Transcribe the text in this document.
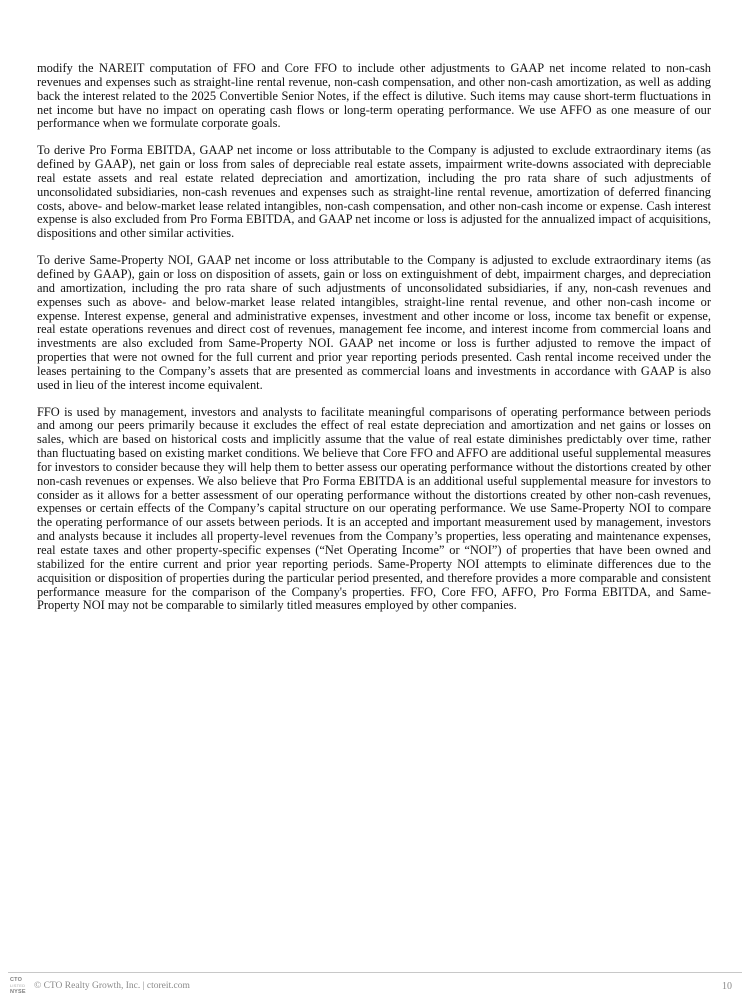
modify the NAREIT computation of FFO and Core FFO to include other adjustments to GAAP net income related to non-cash revenues and expenses such as straight-line rental revenue, non-cash compensation, and other non-cash amortization, as well as adding back the interest related to the 2025 Convertible Senior Notes, if the effect is dilutive. Such items may cause short-term fluctuations in net income but have no impact on operating cash flows or long-term operating performance. We use AFFO as one measure of our performance when we formulate corporate goals.

To derive Pro Forma EBITDA, GAAP net income or loss attributable to the Company is adjusted to exclude extraordinary items (as defined by GAAP), net gain or loss from sales of depreciable real estate assets, impairment write-downs associated with depreciable real estate assets and real estate related depreciation and amortization, including the pro rata share of such adjustments of unconsolidated subsidiaries, non-cash revenues and expenses such as straight-line rental revenue, amortization of deferred financing costs, above- and below-market lease related intangibles, non-cash compensation, and other non-cash income or expense. Cash interest expense is also excluded from Pro Forma EBITDA, and GAAP net income or loss is adjusted for the annualized impact of acquisitions, dispositions and other similar activities.

To derive Same-Property NOI, GAAP net income or loss attributable to the Company is adjusted to exclude extraordinary items (as defined by GAAP), gain or loss on disposition of assets, gain or loss on extinguishment of debt, impairment charges, and depreciation and amortization, including the pro rata share of such adjustments of unconsolidated subsidiaries, if any, non-cash revenues and expenses such as above- and below-market lease related intangibles, straight-line rental revenue, and other non-cash income or expense. Interest expense, general and administrative expenses, investment and other income or loss, income tax benefit or expense, real estate operations revenues and direct cost of revenues, management fee income, and interest income from commercial loans and investments are also excluded from Same-Property NOI. GAAP net income or loss is further adjusted to remove the impact of properties that were not owned for the full current and prior year reporting periods presented. Cash rental income received under the leases pertaining to the Company’s assets that are presented as commercial loans and investments in accordance with GAAP is also used in lieu of the interest income equivalent.

FFO is used by management, investors and analysts to facilitate meaningful comparisons of operating performance between periods and among our peers primarily because it excludes the effect of real estate depreciation and amortization and net gains or losses on sales, which are based on historical costs and implicitly assume that the value of real estate diminishes predictably over time, rather than fluctuating based on existing market conditions. We believe that Core FFO and AFFO are additional useful supplemental measures for investors to consider because they will help them to better assess our operating performance without the distortions created by other non-cash revenues or expenses. We also believe that Pro Forma EBITDA is an additional useful supplemental measure for investors to consider as it allows for a better assessment of our operating performance without the distortions created by other non-cash revenues, expenses or certain effects of the Company’s capital structure on our operating performance. We use Same-Property NOI to compare the operating performance of our assets between periods. It is an accepted and important measurement used by management, investors and analysts because it includes all property-level revenues from the Company’s properties, less operating and maintenance expenses, real estate taxes and other property-specific expenses (“Net Operating Income” or “NOI”) of properties that have been owned and stabilized for the entire current and prior year reporting periods. Same-Property NOI attempts to eliminate differences due to the acquisition or disposition of properties during the particular period presented, and therefore provides a more comparable and consistent performance measure for the comparison of the Company's properties. FFO, Core FFO, AFFO, Pro Forma EBITDA, and Same-Property NOI may not be comparable to similarly titled measures employed by other companies.

CTO
LISTED
NYSE
© CTO Realty Growth, Inc. | ctoreit.com	10
